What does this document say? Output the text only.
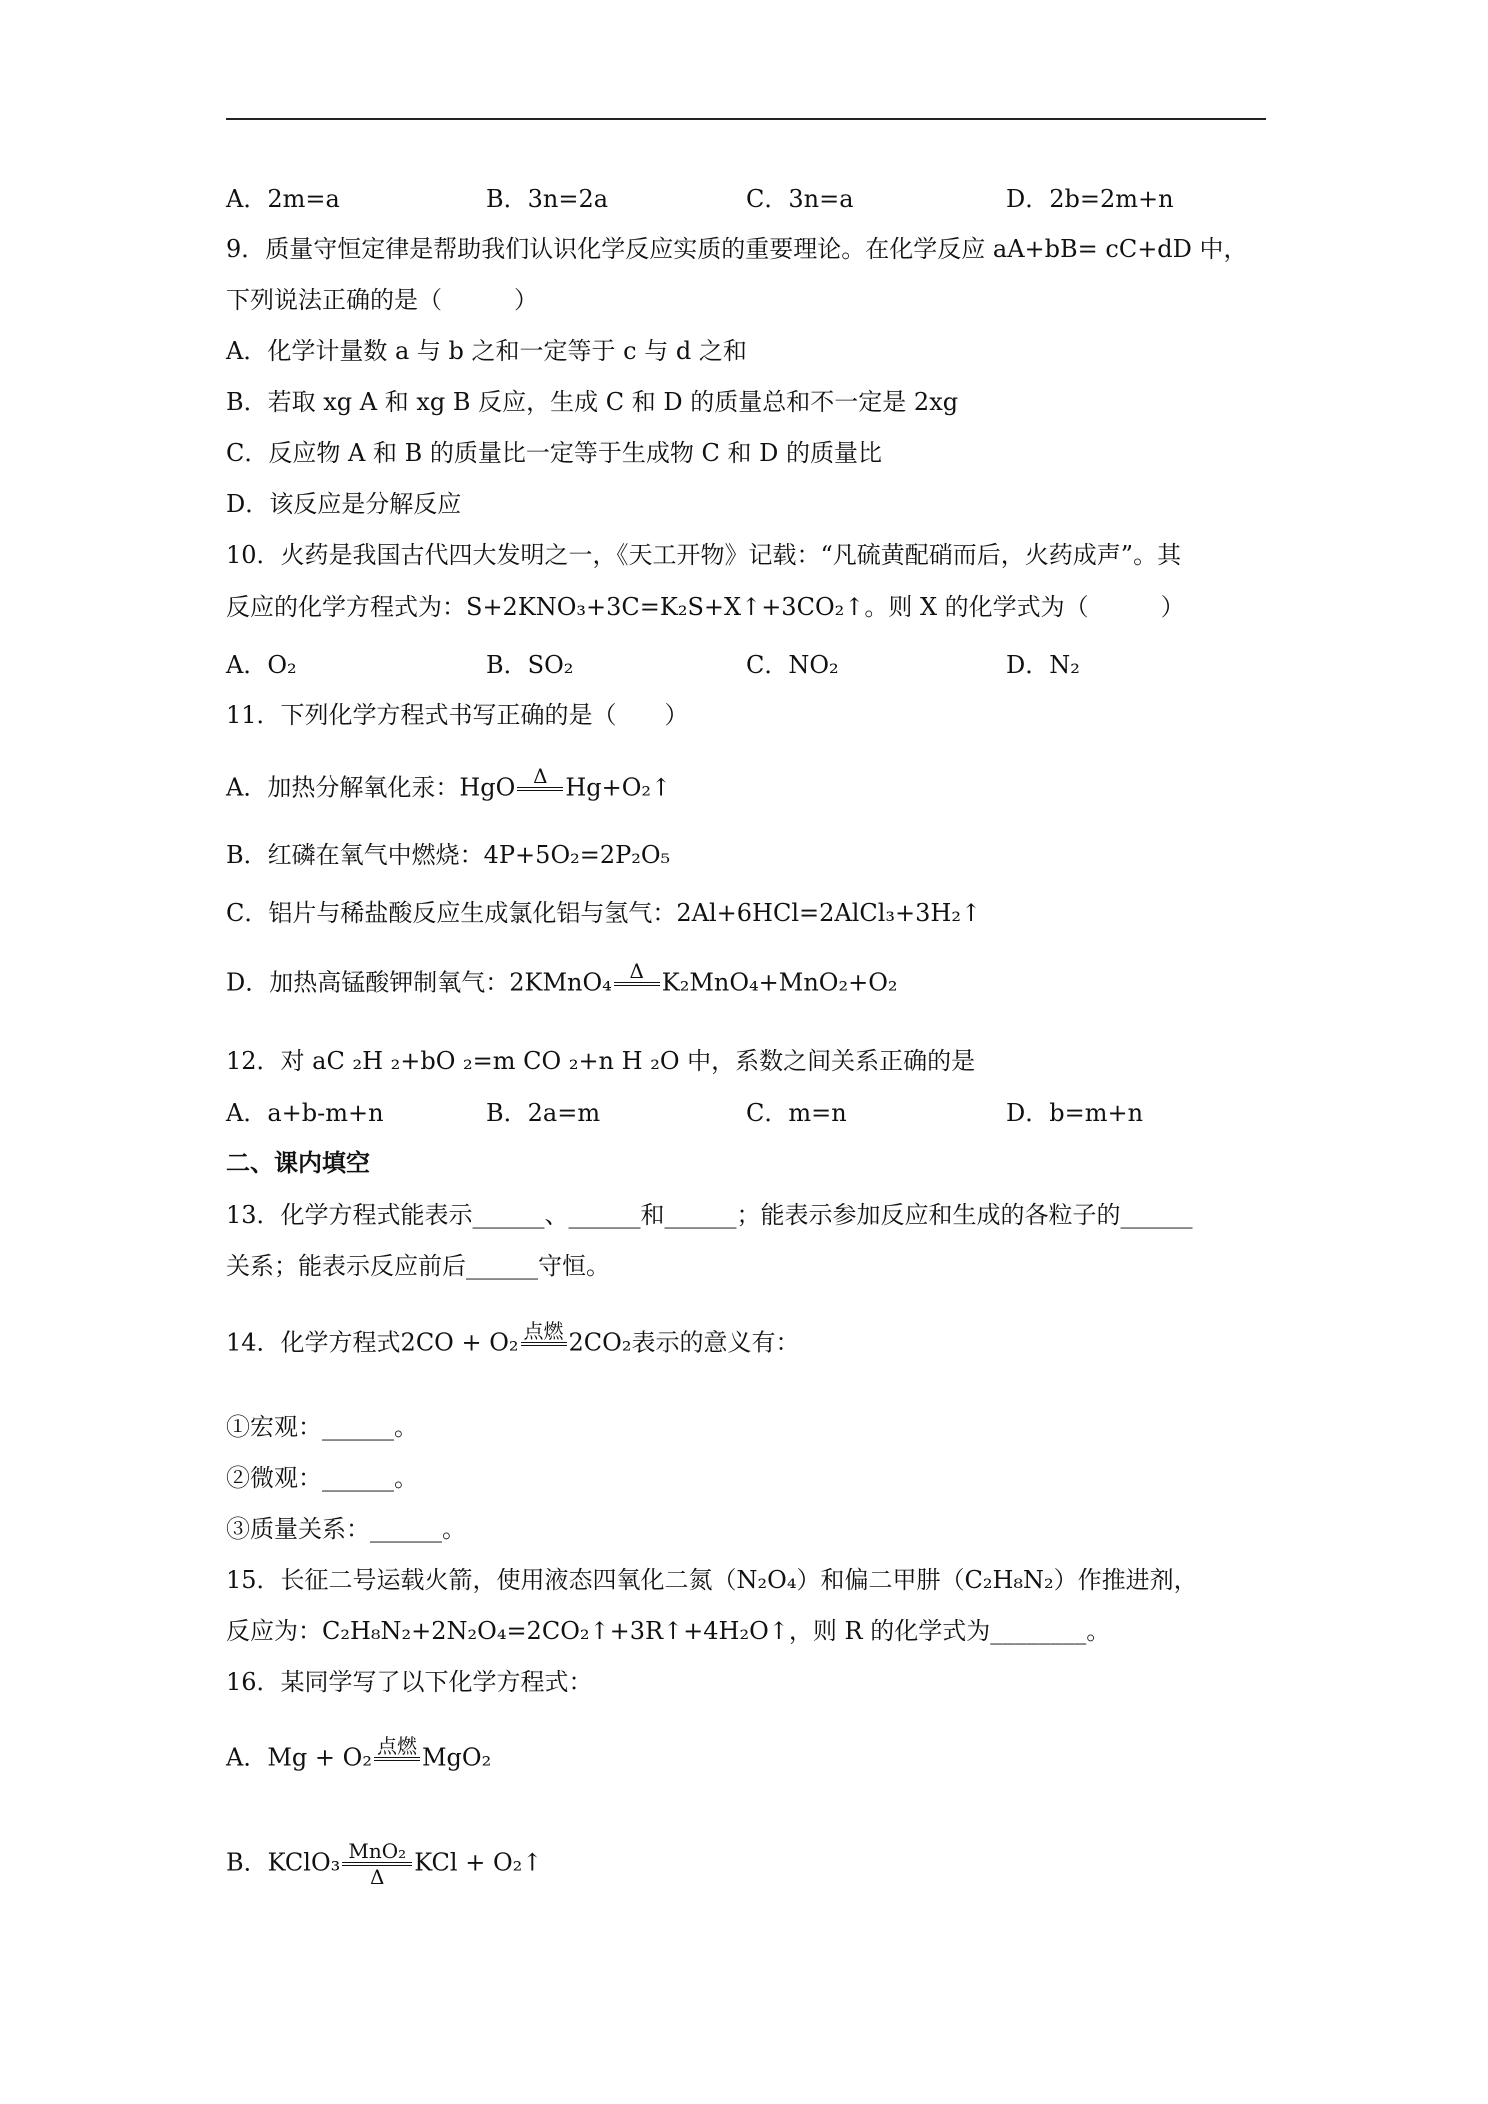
A．2m=a	B．3n=2a	C．3n=a	D．2b=2m+n
9．质量守恒定律是帮助我们认识化学反应实质的重要理论。在化学反应 aA+bB= cC+dD 中，
下列说法正确的是（　　　）
A．化学计量数 a 与 b 之和一定等于 c 与 d 之和
B．若取 xg A 和 xg B 反应，生成 C 和 D 的质量总和不一定是 2xg
C．反应物 A 和 B 的质量比一定等于生成物 C 和 D 的质量比
D．该反应是分解反应
10．火药是我国古代四大发明之一，《天工开物》记载：“凡硫黄配硝而后，火药成声”。其
反应的化学方程式为：S+2KNO₃+3C=K₂S+X↑+3CO₂↑。则 X 的化学式为（　　　）
A．O₂	B．SO₂	C．NO₂	D．N₂
11．下列化学方程式书写正确的是（　　）
A．加热分解氧化汞：HgO Δ Hg+O₂↑
B．红磷在氧气中燃烧：4P+5O₂=2P₂O₅
C．铝片与稀盐酸反应生成氯化铝与氢气：2Al+6HCl=2AlCl₃+3H₂↑
D．加热高锰酸钾制氧气：2KMnO₄ Δ K₂MnO₄+MnO₂+O₂
12．对 aC ₂H ₂+bO ₂=m CO ₂+n H ₂O 中，系数之间关系正确的是
A．a+b-m+n	B．2a=m	C．m=n	D．b=m+n
二、课内填空
13．化学方程式能表示______、______和______；能表示参加反应和生成的各粒子的______
关系；能表示反应前后______守恒。
14．化学方程式2CO + O₂ 点燃 2CO₂表示的意义有：
①宏观：______。
②微观：______。
③质量关系：______。
15．长征二号运载火箭，使用液态四氧化二氮（N₂O₄）和偏二甲肼（C₂H₈N₂）作推进剂，
反应为：C₂H₈N₂+2N₂O₄=2CO₂↑+3R↑+4H₂O↑，则 R 的化学式为________。
16．某同学写了以下化学方程式：
A．Mg + O₂ 点燃 MgO₂
B．KClO₃ MnO₂
Δ
KCl + O₂↑
